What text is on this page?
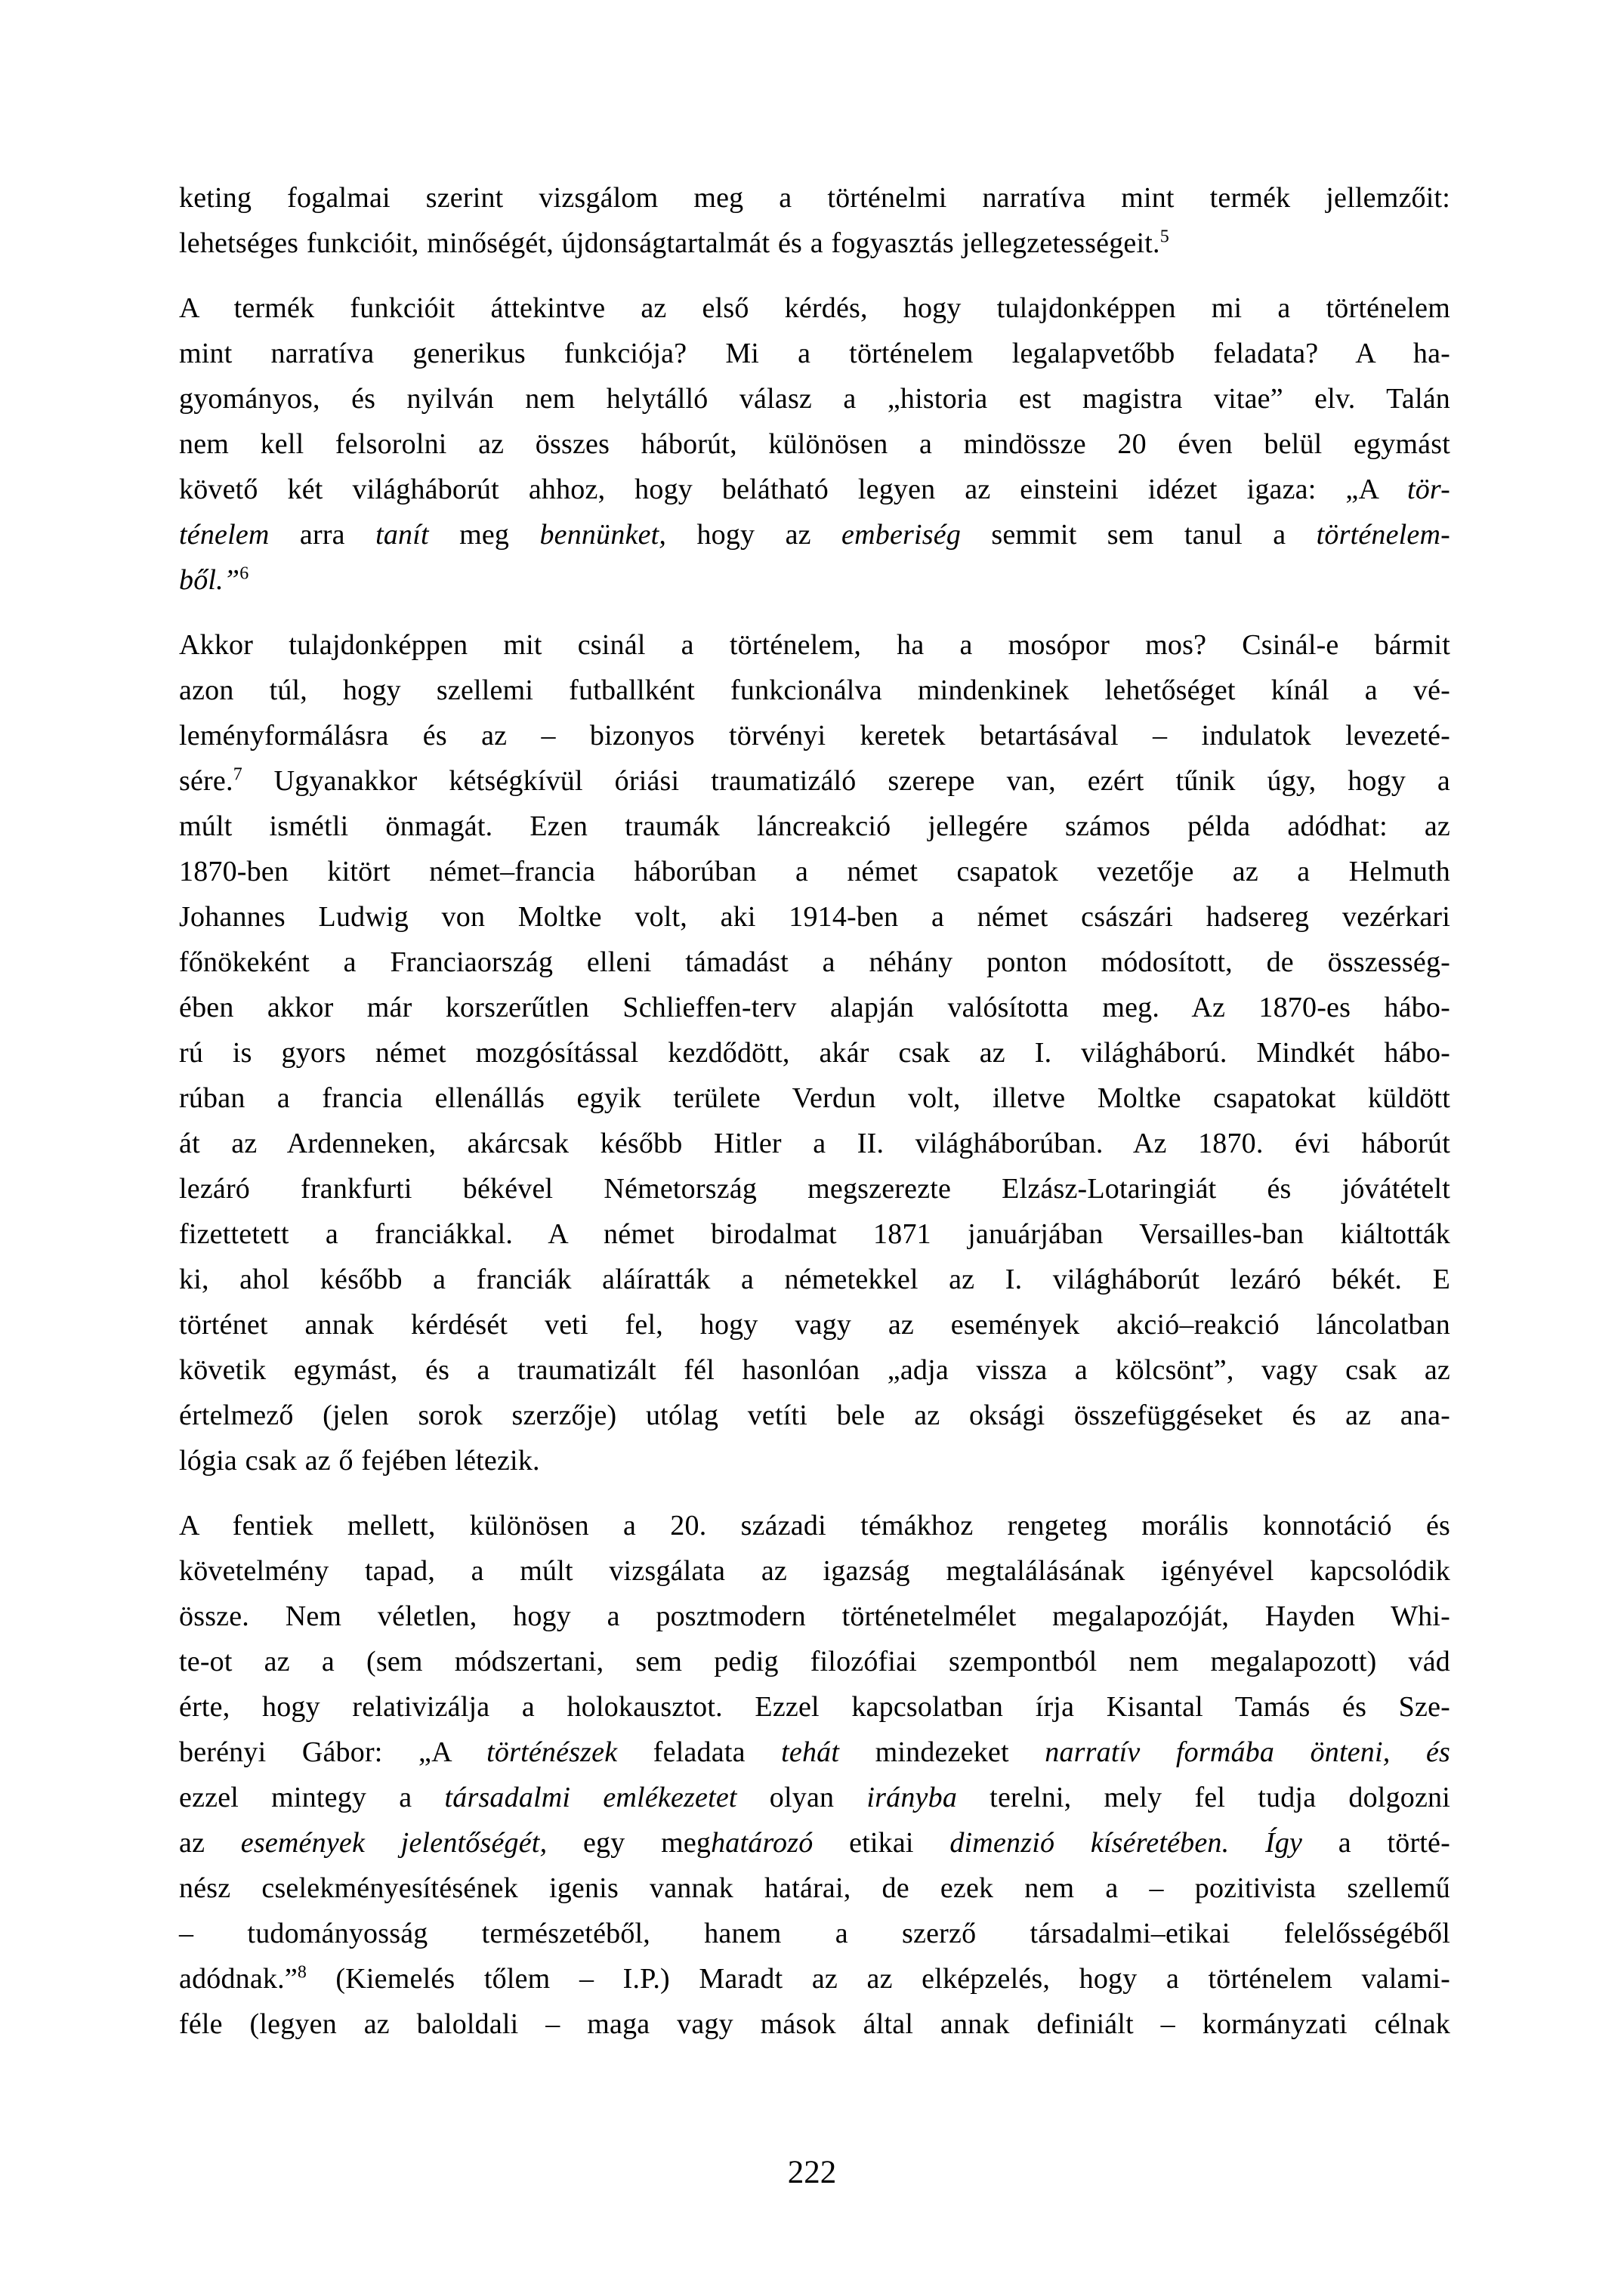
keting fogalmai szerint vizsgálom meg a történelmi narratíva mint termék jellemzőit:
lehetséges funkcióit, minőségét, újdonságtartalmát és a fogyasztás jellegzetességeit.$^5$
A termék funkcióit áttekintve az első kérdés, hogy tulajdonképpen mi a történelem
mint narratíva generikus funkciója? Mi a történelem legalapvetőbb feladata? A ha-
gyományos, és nyilván nem helytálló válasz a „historia est magistra vitae” elv. Talán
nem kell felsorolni az összes háborút, különösen a mindössze 20 éven belül egymást
követő két világháborút ahhoz, hogy belátható legyen az einsteini idézet igaza: „A tör-
ténelem arra tanít meg bennünket, hogy az emberiség semmit sem tanul a történelem-
ből.”$^6$
Akkor tulajdonképpen mit csinál a történelem, ha a mosópor mos? Csinál-e bármit
azon túl, hogy szellemi futballként funkcionálva mindenkinek lehetőséget kínál a vé-
leményformálásra és az – bizonyos törvényi keretek betartásával – indulatok levezeté-
sére.$^7$ Ugyanakkor kétségkívül óriási traumatizáló szerepe van, ezért tűnik úgy, hogy a
múlt ismétli önmagát. Ezen traumák láncreakció jellegére számos példa adódhat: az
1870-ben kitört német–francia háborúban a német csapatok vezetője az a Helmuth
Johannes Ludwig von Moltke volt, aki 1914-ben a német császári hadsereg vezérkari
főnökeként a Franciaország elleni támadást a néhány ponton módosított, de összesség-
ében akkor már korszerűtlen Schlieffen-terv alapján valósította meg. Az 1870-es hábo-
rú is gyors német mozgósítással kezdődött, akár csak az I. világháború. Mindkét hábo-
rúban a francia ellenállás egyik területe Verdun volt, illetve Moltke csapatokat küldött
át az Ardenneken, akárcsak később Hitler a II. világháborúban. Az 1870. évi háborút
lezáró frankfurti békével Németország megszerezte Elzász-Lotaringiát és jóvátételt
fizettetett a franciákkal. A német birodalmat 1871 januárjában Versailles-ban kiáltották
ki, ahol később a franciák aláíratták a németekkel az I. világháborút lezáró békét. E
történet annak kérdését veti fel, hogy vagy az események akció–reakció láncolatban
követik egymást, és a traumatizált fél hasonlóan „adja vissza a kölcsönt”, vagy csak az
értelmező (jelen sorok szerzője) utólag vetíti bele az oksági összefüggéseket és az ana-
lógia csak az ő fejében létezik.
A fentiek mellett, különösen a 20. századi témákhoz rengeteg morális konnotáció és
követelmény tapad, a múlt vizsgálata az igazság megtalálásának igényével kapcsolódik
össze. Nem véletlen, hogy a posztmodern történetelmélet megalapozóját, Hayden Whi-
te-ot az a (sem módszertani, sem pedig filozófiai szempontból nem megalapozott) vád
érte, hogy relativizálja a holokausztot. Ezzel kapcsolatban írja Kisantal Tamás és Sze-
berényi Gábor: „A történészek feladata tehát mindezeket narratív formába önteni, és
ezzel mintegy a társadalmi emlékezetet olyan irányba terelni, mely fel tudja dolgozni
az események jelentőségét, egy meghatározó etikai dimenzió kíséretében. Így a törté-
nész cselekményesítésének igenis vannak határai, de ezek nem a – pozitivista szellemű
– tudományosság természetéből, hanem a szerző társadalmi–etikai felelősségéből
adódnak.”$^8$ (Kiemelés tőlem – I.P.) Maradt az az elképzelés, hogy a történelem valami-
féle (legyen az baloldali – maga vagy mások által annak definiált – kormányzati célnak
222
